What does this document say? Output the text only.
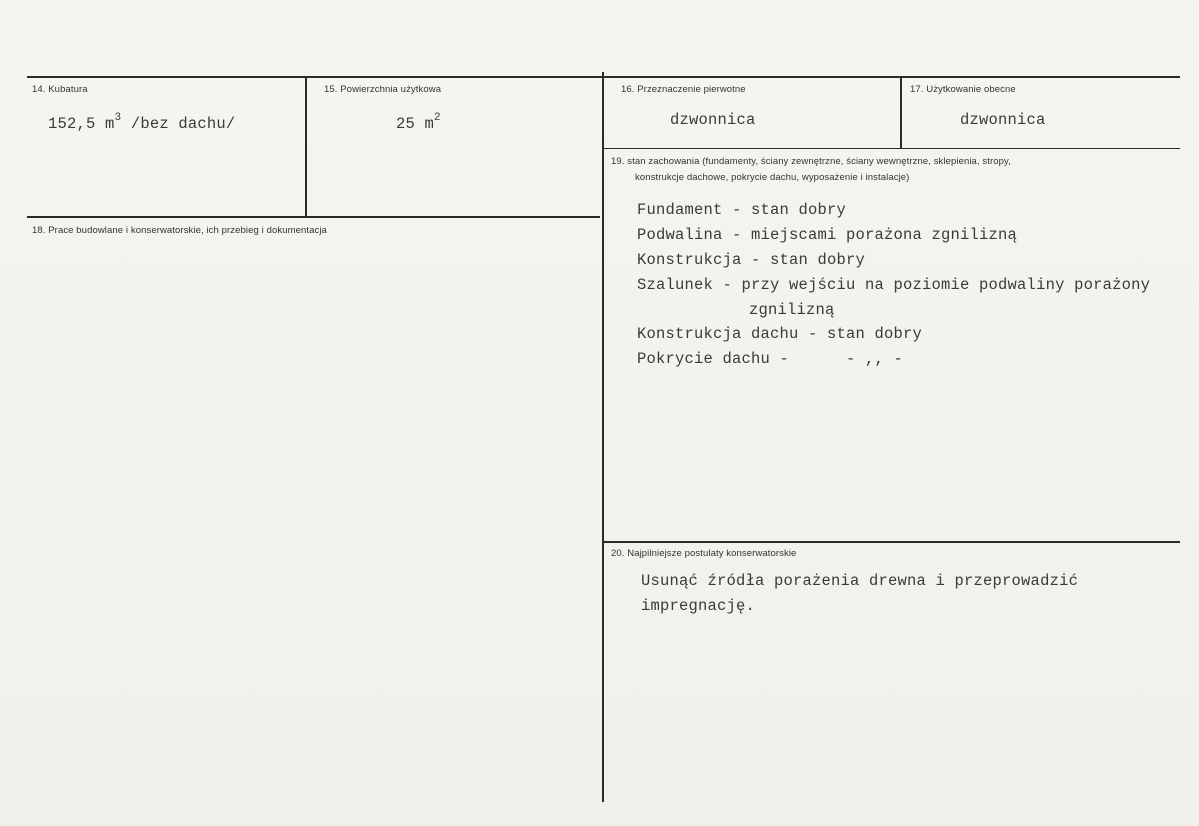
14. Kubatura
152,5 $m^3$ /bez dachu/
15. Powierzchnia użytkowa
25 $m^2$
16. Przeznaczenie pierwotne
dzwonnica
17. Użytkowanie obecne
dzwonnica
18. Prace budowlane i konserwatorskie, ich przebieg i dokumentacja
19. stan zachowania (fundamenty, ściany zewnętrzne, ściany wewnętrzne, sklepienia, stropy,
konstrukcje dachowe, pokrycie dachu, wyposażenie i instalacje)
Fundament - stan dobry
Podwalina - miejscami porażona zgnilizną
Konstrukcja - stan dobry
Szalunek - przy wejściu na poziomie podwaliny porażony
zgnilizną
Konstrukcja dachu - stan dobry
Pokrycie dachu -      - ,, -
20. Najpilniejsze postulaty konserwatorskie
Usunąć źródła porażenia drewna i przeprowadzić
impregnację.
